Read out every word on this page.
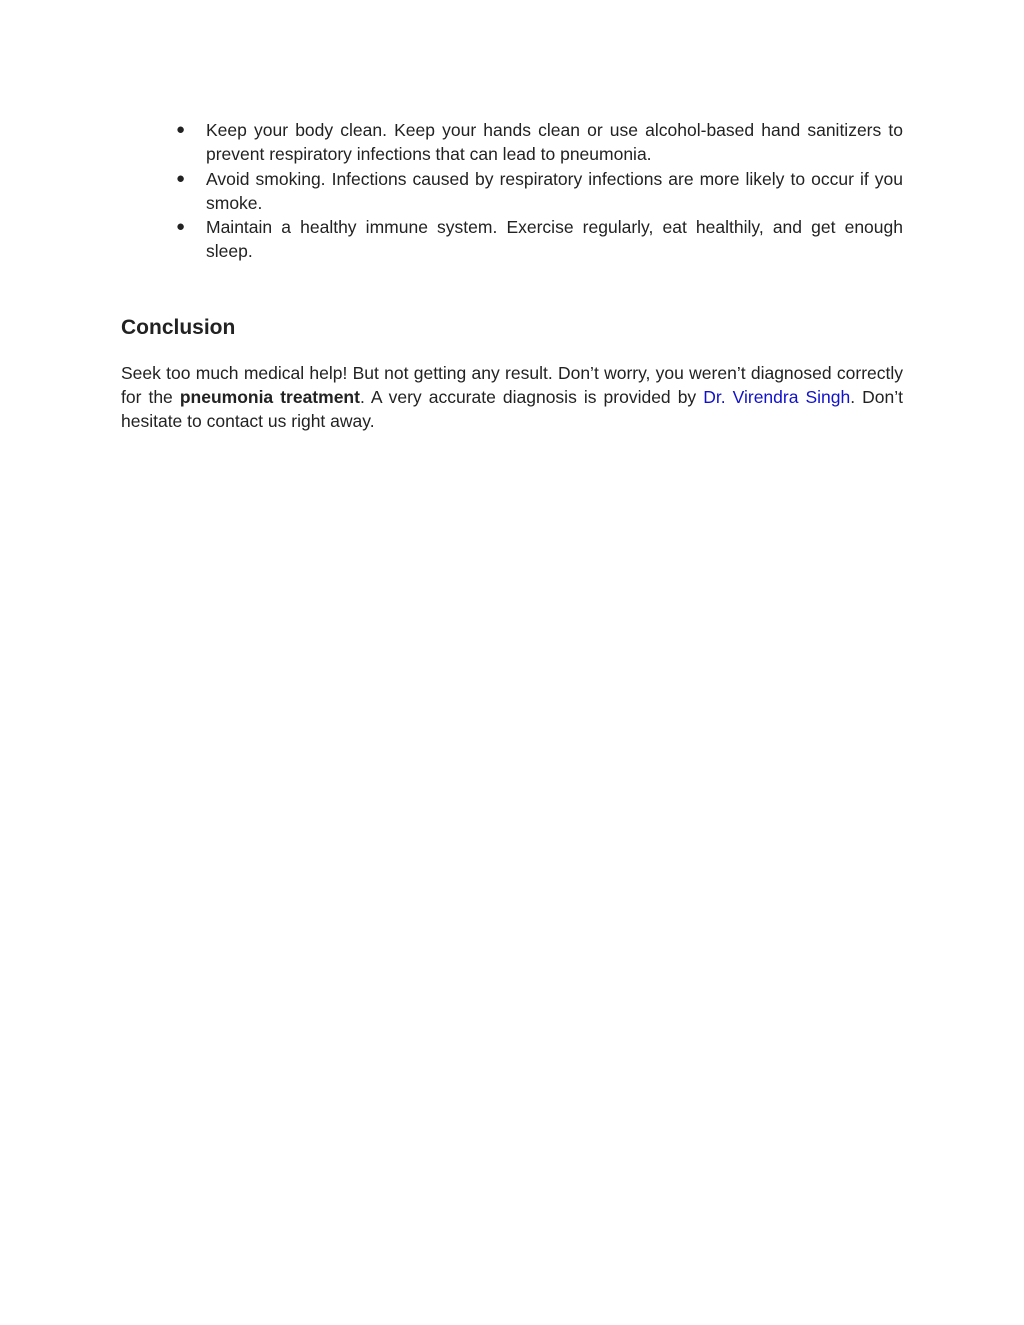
● Keep your body clean. Keep your hands clean or use alcohol-based hand sanitizers to prevent respiratory infections that can lead to pneumonia.
● Avoid smoking. Infections caused by respiratory infections are more likely to occur if you smoke.
● Maintain a healthy immune system. Exercise regularly, eat healthily, and get enough sleep.
Conclusion

Seek too much medical help! But not getting any result. Don’t worry, you weren’t diagnosed correctly for the pneumonia treatment. A very accurate diagnosis is provided by Dr. Virendra Singh. Don’t hesitate to contact us right away.
